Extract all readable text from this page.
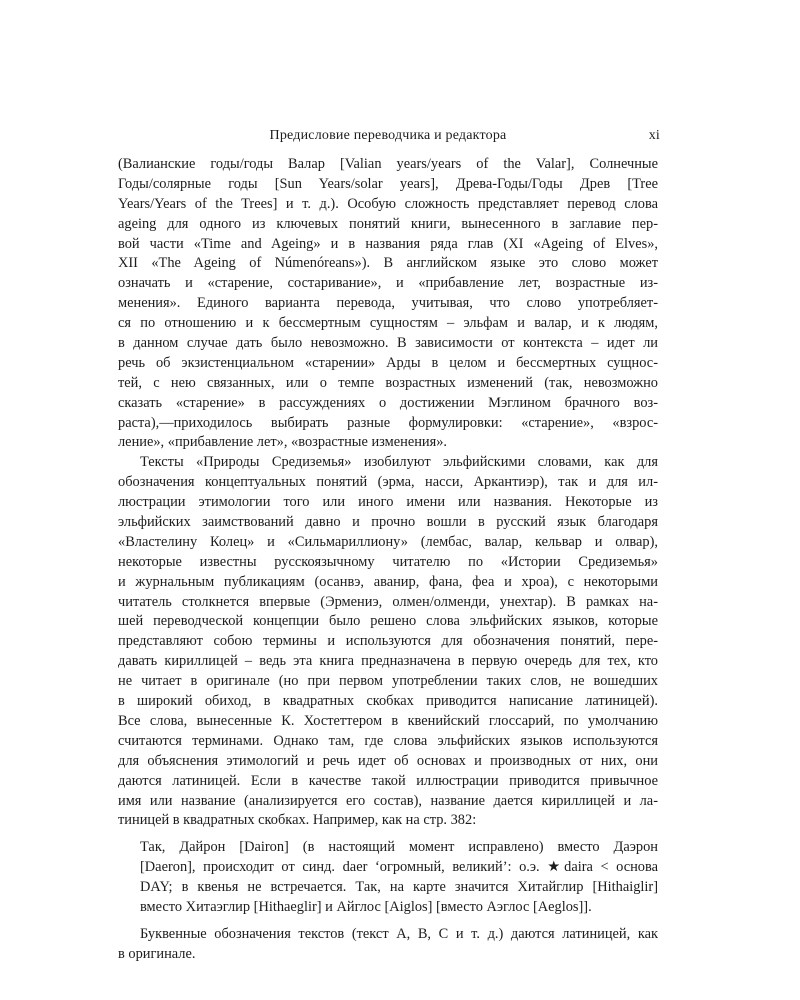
Предисловие переводчика и редактора	xi
(Валианские годы/годы Валар [Valian years/years of the Valar], Солнечные
Годы/солярные годы [Sun Years/solar years], Древа-Годы/Годы Древ [Tree
Years/Years of the Trees] и т. д.). Особую сложность представляет перевод слова
ageing для одного из ключевых понятий книги, вынесенного в заглавие пер-
вой части «Time and Ageing» и в названия ряда глав (XI «Ageing of Elves»,
XII «The Ageing of Númenóreans»). В английском языке это слово может
означать и «старение, состаривание», и «прибавление лет, возрастные из-
менения». Единого варианта перевода, учитывая, что слово употребляет-
ся по отношению и к бессмертным сущностям – эльфам и валар, и к людям,
в данном случае дать было невозможно. В зависимости от контекста – идет ли
речь об экзистенциальном «старении» Арды в целом и бессмертных сущнос-
тей, с нею связанных, или о темпе возрастных изменений (так, невозможно
сказать «старение» в рассуждениях о достижении Мэглином брачного воз-
раста),—приходилось выбирать разные формулировки: «старение», «взрос-
ление», «прибавление лет», «возрастные изменения».
Тексты «Природы Средиземья» изобилуют эльфийскими словами, как для
обозначения концептуальных понятий (эрма, насси, Аркантиэр), так и для ил-
люстрации этимологии того или иного имени или названия. Некоторые из
эльфийских заимствований давно и прочно вошли в русский язык благодаря
«Властелину Колец» и «Сильмариллиону» (лембас, валар, кельвар и олвар),
некоторые известны русскоязычному читателю по «Истории Средиземья»
и журнальным публикациям (осанвэ, аванир, фана, феа и хроа), с некоторыми
читатель столкнется впервые (Эрмениэ, олмен/олменди, унехтар). В рамках на-
шей переводческой концепции было решено слова эльфийских языков, которые
представляют собою термины и используются для обозначения понятий, пере-
давать кириллицей – ведь эта книга предназначена в первую очередь для тех, кто
не читает в оригинале (но при первом употреблении таких слов, не вошедших
в широкий обиход, в квадратных скобках приводится написание латиницей).
Все слова, вынесенные К. Хостеттером в квенийский глоссарий, по умолчанию
считаются терминами. Однако там, где слова эльфийских языков используются
для объяснения этимологий и речь идет об основах и производных от них, они
даются латиницей. Если в качестве такой иллюстрации приводится привычное
имя или название (анализируется его состав), название дается кириллицей и ла-
тиницей в квадратных скобках. Например, как на стр. 382:
Так, Дайрон [Dairon] (в настоящий момент исправлено) вместо Даэрон
[Daeron], происходит от синд. daer ‘огромный, великий’: о.э. ★daira < основа
DAY; в квенья не встречается. Так, на карте значится Хитайглир [Hithaiglir]
вместо Хитаэглир [Hithaeglir] и Айглос [Aiglos] [вместо Аэглос [Aeglos]].
Буквенные обозначения текстов (текст A, B, C и т. д.) даются латиницей, как
в оригинале.
